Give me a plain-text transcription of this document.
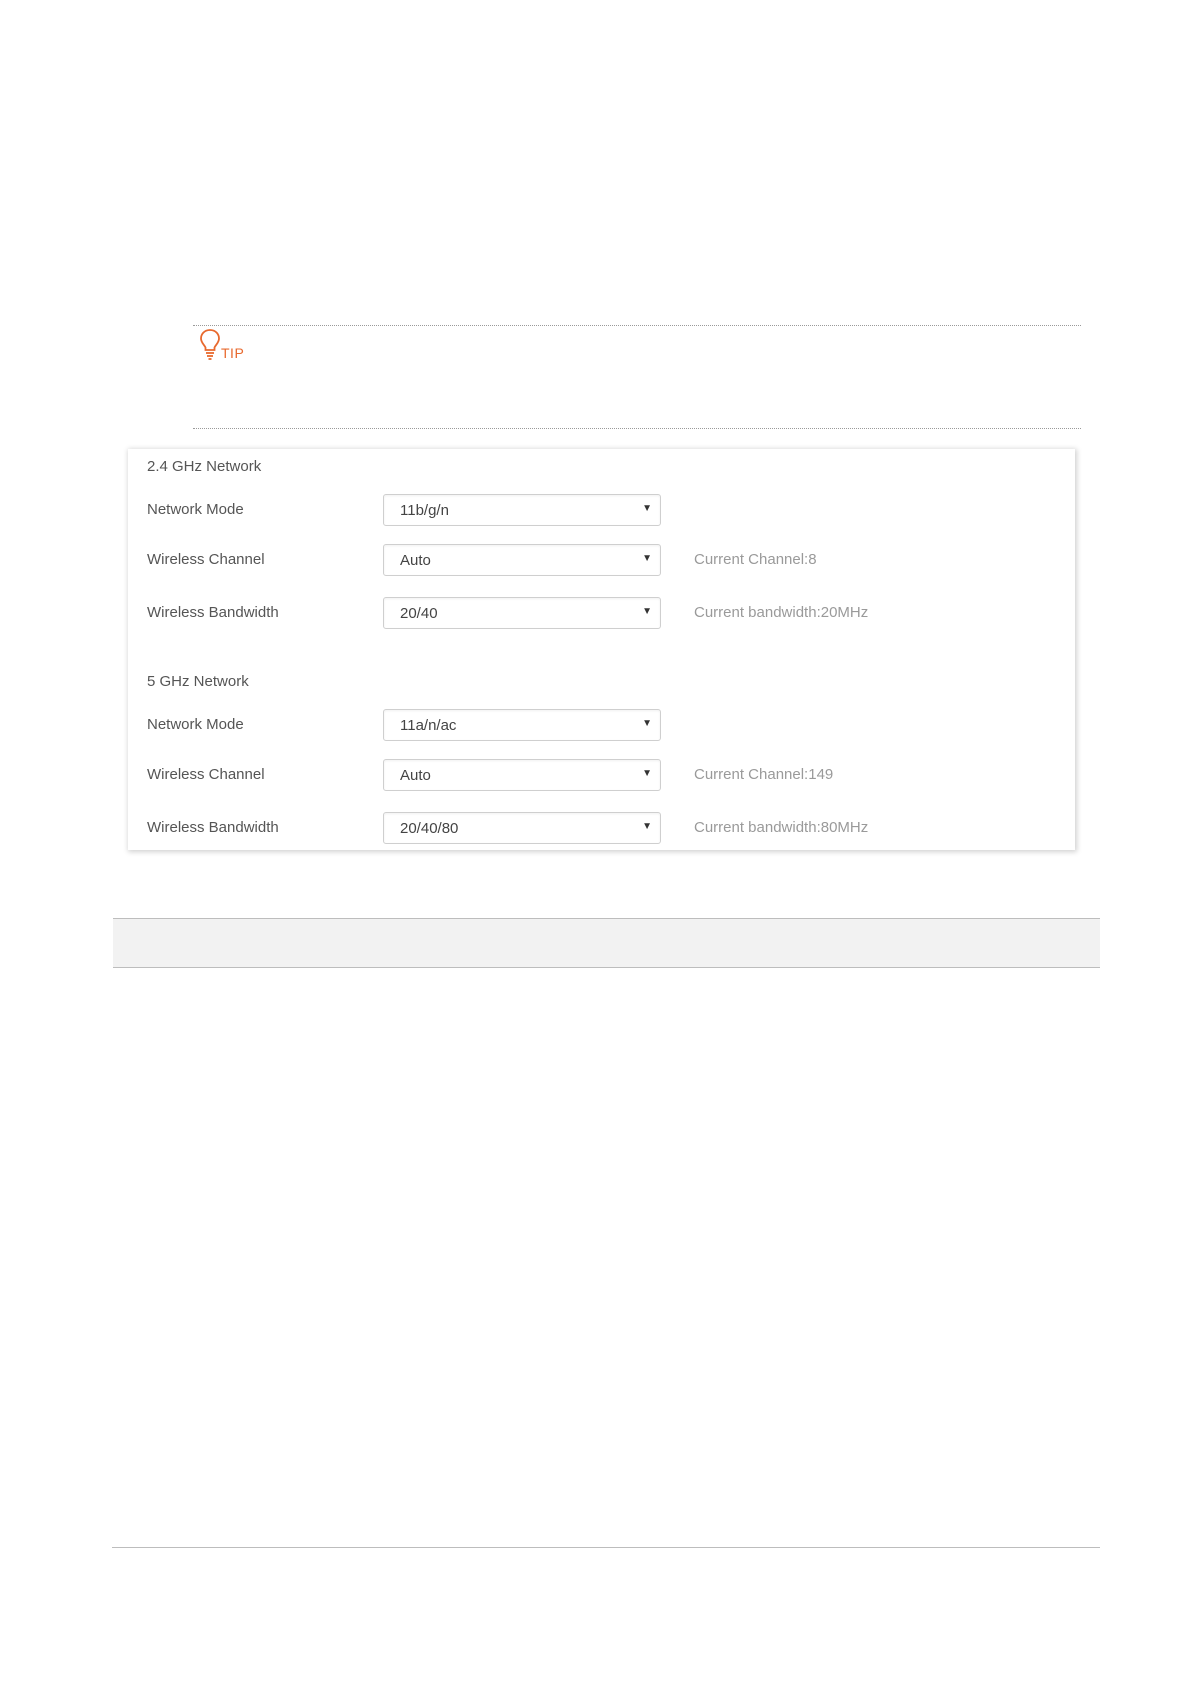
TIP
2.4 GHz Network
Network Mode	11b/g/n	▼
Wireless Channel	Auto	▼	Current Channel:8
Wireless Bandwidth	20/40	▼	Current bandwidth:20MHz
5 GHz Network
Network Mode	11a/n/ac	▼
Wireless Channel	Auto	▼	Current Channel:149
Wireless Bandwidth	20/40/80	▼	Current bandwidth:80MHz
